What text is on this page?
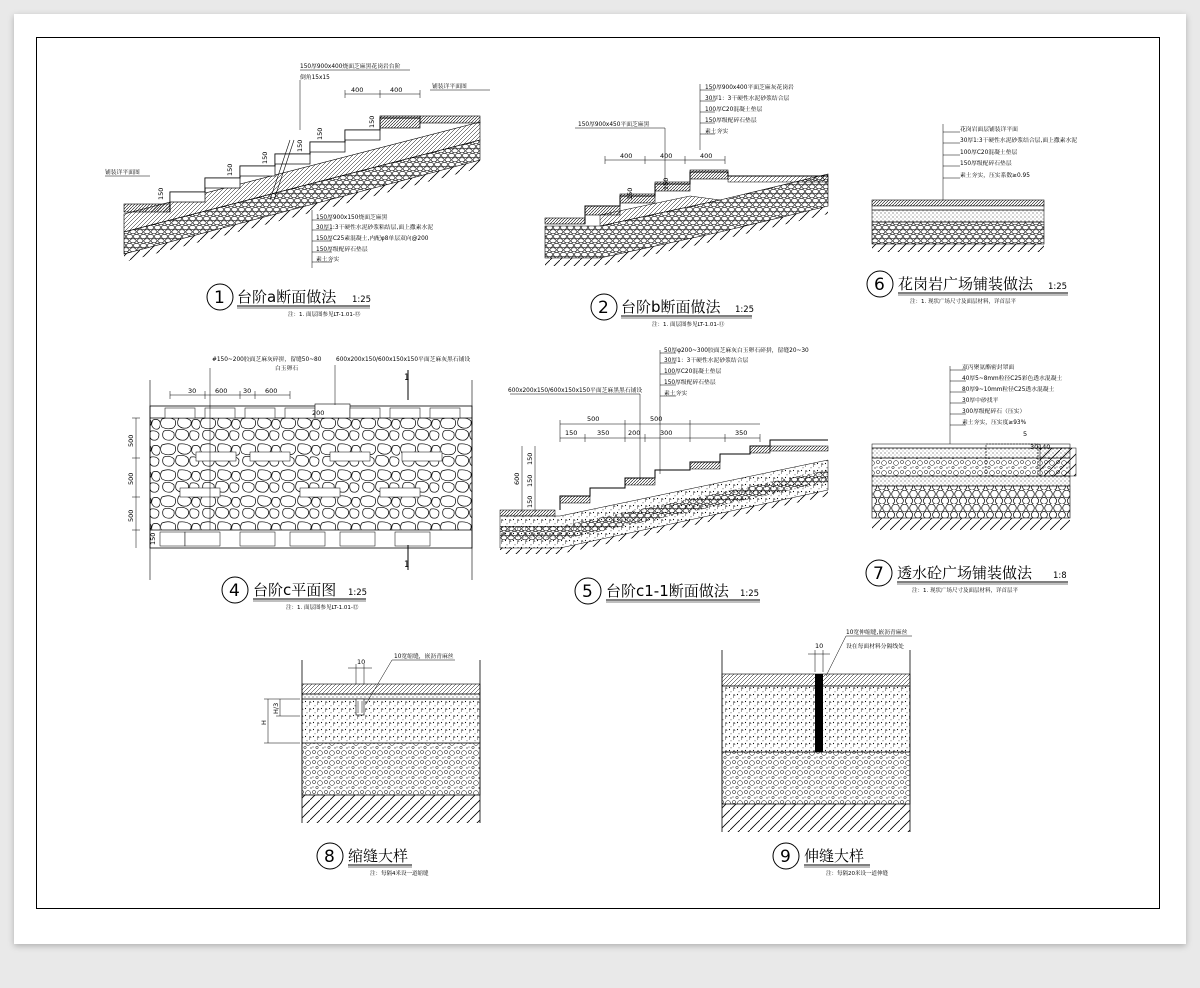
150厚900x400烧面芝麻黑花岗岩台阶
倒角15x15
400	400
150
150
150
150
150
150
铺装详平面图
铺装详平面图
150厚900x150烧面芝麻黑
30厚1:3干硬性水泥砂浆粘结层,面上撒素水泥
150厚C25素混凝土,内配φ8单层双向@200
150厚级配碎石垫层
素土夯实
1 台阶a断面做法 1:25
注：1. 面层图参见LT-1.01-⑬
150厚900x400平面芝麻灰花岗岩
30厚1：3干硬性水泥砂浆结合层
100厚C20混凝土垫层
150厚级配碎石垫层
素土夯实
150厚900x450平面芝麻黑
400	400	400
150
150
2 台阶b断面做法 1:25
注：1. 面层图参见LT-1.01-⑪
花岗岩面层铺装详平面
30厚1:3干硬性水泥砂浆结合层,面上撒素水泥
100厚C20混凝土垫层
150厚级配碎石垫层
素土夯实，压实系数≥0.95
6 花岗岩广场铺装做法 1:25
注：1. 现状广场尺寸及面层材料，详首层平
#150~200胶面芝麻灰碎拼，留缝50~80
白玉卵石
600x200x150/600x150x150平面芝麻灰黑石铺设
30	600 30 600
500
500
500
150
200
1
1
4 台阶c平面图 1:25
注：1. 面层图参见LT-1.01-⑫
50厚φ200~300胶面芝麻灰白玉卵石碎拼，留缝20~30
30厚1：3干硬性水泥砂浆结合层
100厚C20混凝土垫层
150厚级配碎石垫层
素土夯实
600x200x150/600x150x150平面芝麻黑黑石铺设
500	500
150	350	200	300	350
600
150
150
150
5 台阶c1-1断面做法 1:25
双丙聚氨酯密封罩面
40厚5~8mm粒径C25彩色透水混凝土
80厚9~10mm粒径C25透水混凝土
30厚中砂找平
300厚级配碎石（压实）
素土夯实，压实度≥93%
5
30 140
7 透水砼广场铺装做法 1:8
注：1. 现状广场尺寸及面层材料，详首层平
10宽缩缝，嵌沥青麻丝
10
H/3
H
8 缩缝大样
注：每隔4米设一道缩缝
10宽伸缩缝,嵌沥青麻丝
设在每面材料分隔线处
10
9 伸缝大样
注：每隔20米设一道伸缝
